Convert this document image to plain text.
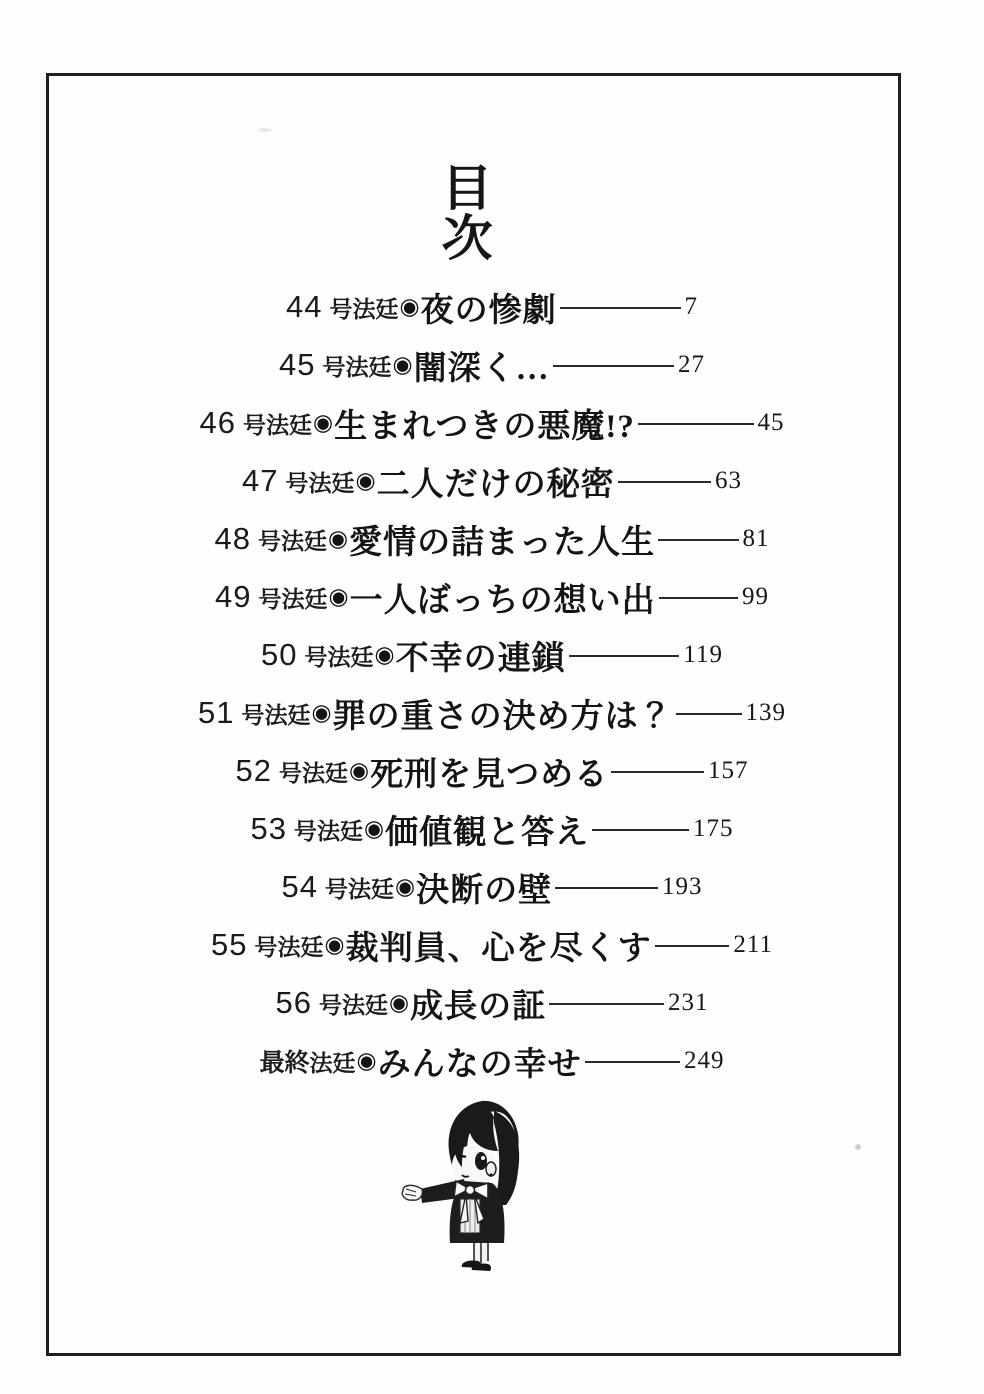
目
次
44 号法廷 ◉ 夜の惨劇	7
45 号法廷 ◉ 闇深く…	27
46 号法廷 ◉ 生まれつきの悪魔!?	45
47 号法廷 ◉ 二人だけの秘密	63
48 号法廷 ◉ 愛情の詰まった人生	81
49 号法廷 ◉ 一人ぼっちの想い出	99
50 号法廷 ◉ 不幸の連鎖	119
51 号法廷 ◉ 罪の重さの決め方は？	139
52 号法廷 ◉ 死刑を見つめる	157
53 号法廷 ◉ 価値観と答え	175
54 号法廷 ◉ 決断の壁	193
55 号法廷 ◉ 裁判員、心を尽くす	211
56 号法廷 ◉ 成長の証	231
最終 法廷 ◉ みんなの幸せ	249
